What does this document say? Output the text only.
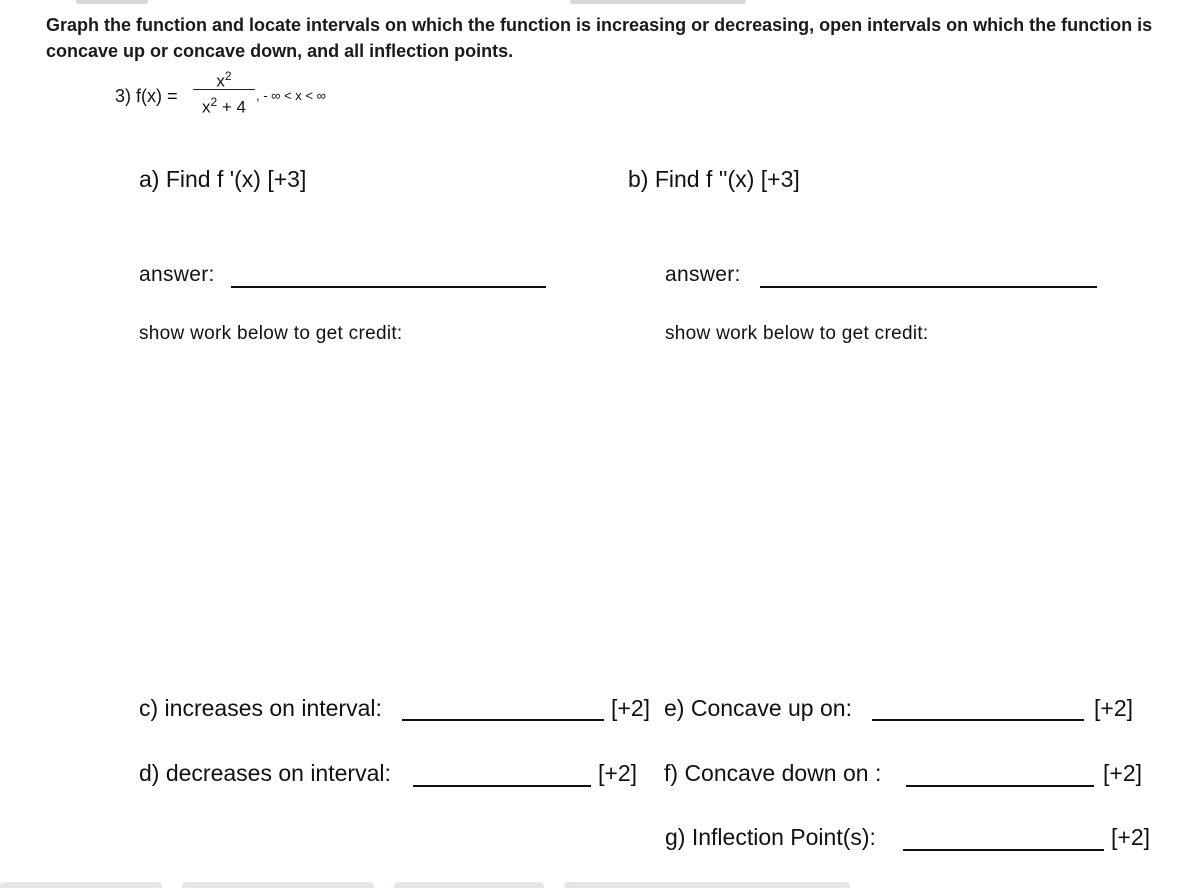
Graph the function and locate intervals on which the function is increasing or decreasing, open intervals on which the function is concave up or concave down, and all inflection points.
3) f(x) =
$x^2$
$x^2 + 4$
, - ∞ < x < ∞
a) Find f '(x) [+3]
answer:
show work below to get credit:
b) Find f ''(x) [+3]
answer:
show work below to get credit:
c) increases on interval:	[+2]
d) decreases on interval:	[+2]
e) Concave up on:	[+2]
f) Concave down on :	[+2]
g) Inflection Point(s):	[+2]
